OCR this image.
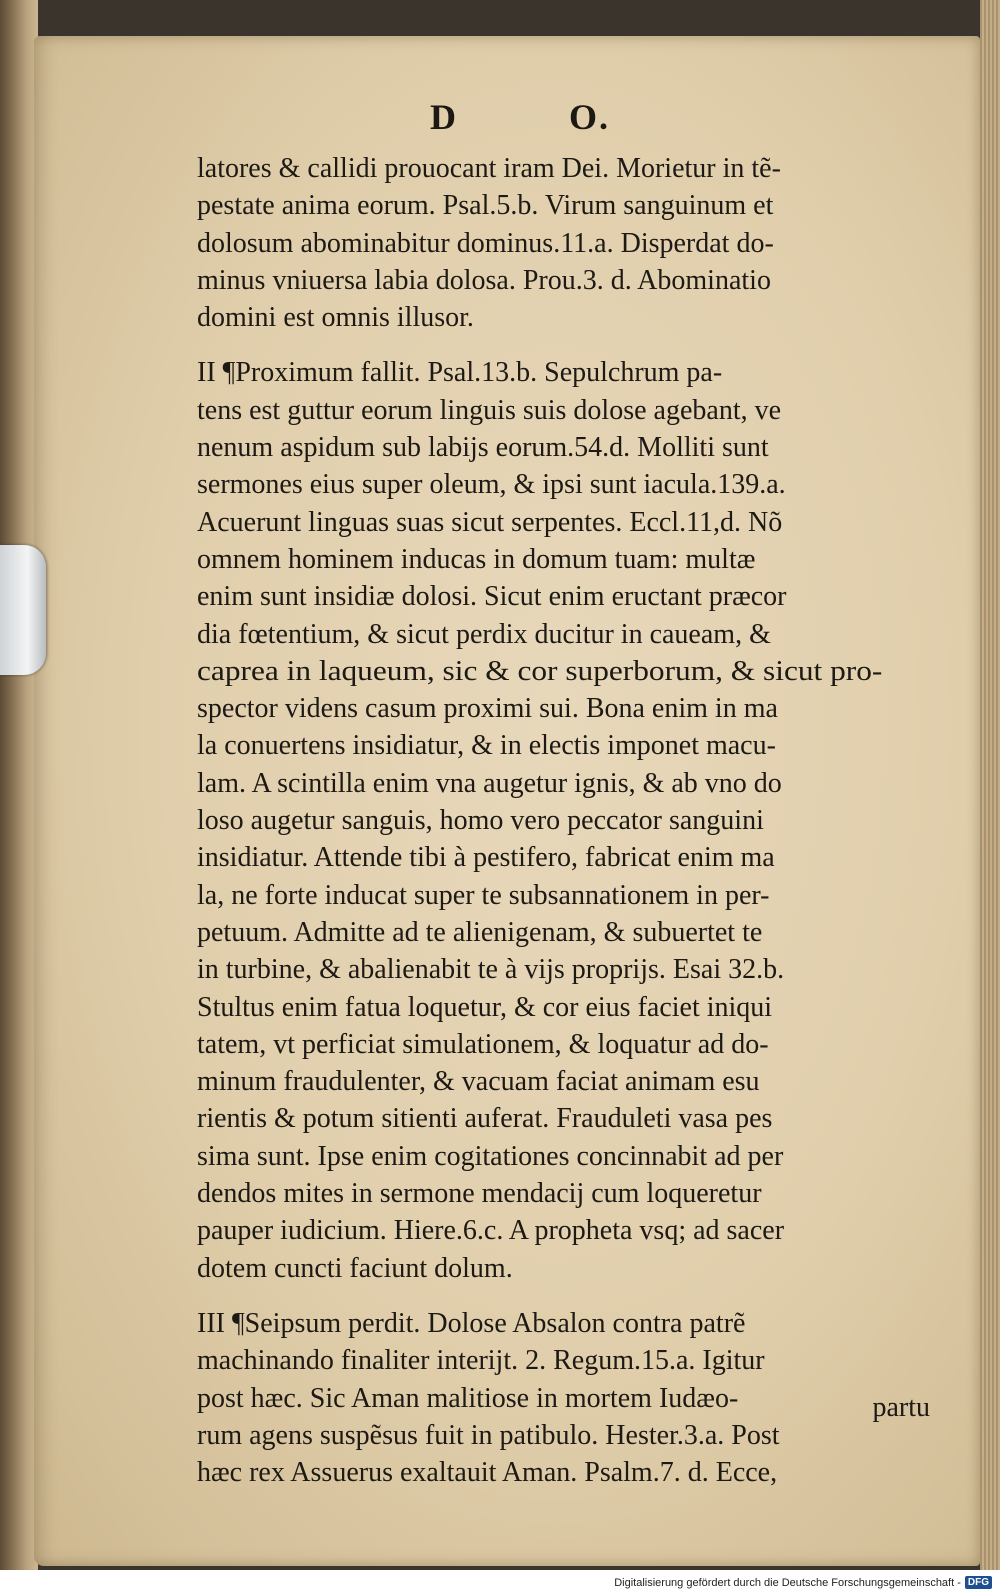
D	O.
latores & callidi prouocant iram Dei. Morietur in tẽ-
pestate anima eorum. Psal.5.b. Virum sanguinum et
dolosum abominabitur dominus.11.a. Disperdat do-
minus vniuersa labia dolosa. Prou.3. d. Abominatio
domini est omnis illusor.
II ¶Proximum fallit. Psal.13.b. Sepulchrum pa-
tens est guttur eorum linguis suis dolose agebant, ve
nenum aspidum sub labijs eorum.54.d. Molliti sunt
sermones eius super oleum, & ipsi sunt iacula.139.a.
Acuerunt linguas suas sicut serpentes. Eccl.11,d. Nõ
omnem hominem inducas in domum tuam: multæ
enim sunt insidiæ dolosi. Sicut enim eructant præcor
dia fœtentium, & sicut perdix ducitur in caueam, &
caprea in laqueum, sic & cor superborum, & sicut pro-
spector videns casum proximi sui. Bona enim in ma
la conuertens insidiatur, & in electis imponet macu-
lam. A scintilla enim vna augetur ignis, & ab vno do
loso augetur sanguis, homo vero peccator sanguini
insidiatur. Attende tibi à pestifero, fabricat enim ma
la, ne forte inducat super te subsannationem in per-
petuum. Admitte ad te alienigenam, & subuertet te
in turbine, & abalienabit te à vijs proprijs. Esai 32.b.
Stultus enim fatua loquetur, & cor eius faciet iniqui
tatem, vt perficiat simulationem, & loquatur ad do-
minum fraudulenter, & vacuam faciat animam esu
rientis & potum sitienti auferat. Frauduleti vasa pes
sima sunt. Ipse enim cogitationes concinnabit ad per
dendos mites in sermone mendacij cum loqueretur
pauper iudicium. Hiere.6.c. A propheta vsq; ad sacer
dotem cuncti faciunt dolum.
III ¶Seipsum perdit. Dolose Absalon contra patrẽ
machinando finaliter interijt. 2. Regum.15.a. Igitur
post hæc. Sic Aman malitiose in mortem Iudæo-
rum agens suspẽsus fuit in patibulo. Hester.3.a. Post
hæc rex Assuerus exaltauit Aman. Psalm.7. d. Ecce,
partu
Digitalisierung gefördert durch die Deutsche Forschungsgemeinschaft - DFG
